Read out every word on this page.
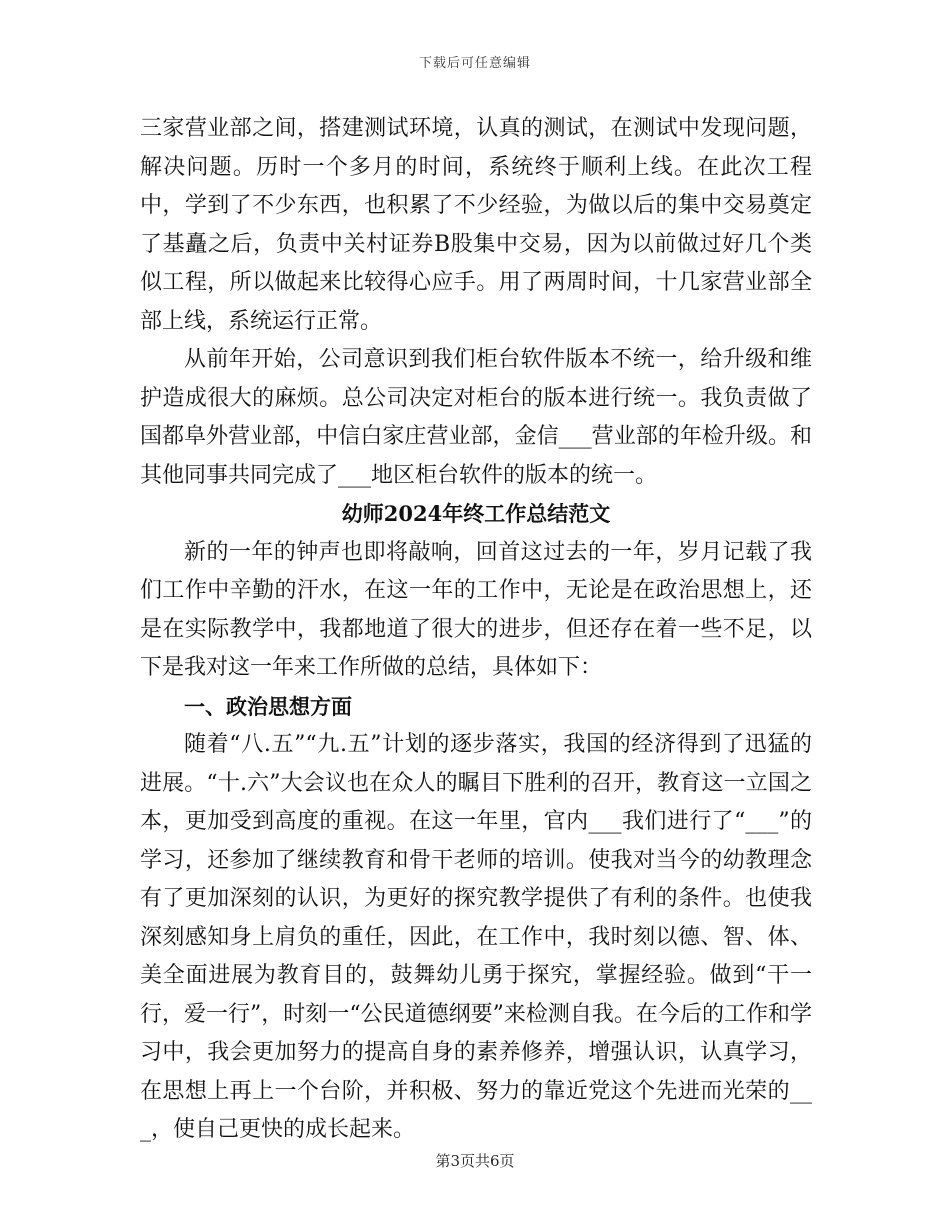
下载后可任意编辑

三家营业部之间，搭建测试环境，认真的测试，在测试中发现问题，解决问题。历时一个多月的时间，系统终于顺利上线。在此次工程中，学到了不少东西，也积累了不少经验，为做以后的集中交易奠定了基矗之后，负责中关村证券B股集中交易，因为以前做过好几个类似工程，所以做起来比较得心应手。用了两周时间，十几家营业部全部上线，系统运行正常。

从前年开始，公司意识到我们柜台软件版本不统一，给升级和维护造成很大的麻烦。总公司决定对柜台的版本进行统一。我负责做了国都阜外营业部，中信白家庄营业部，金信___营业部的年检升级。和其他同事共同完成了___地区柜台软件的版本的统一。

幼师2024年终工作总结范文

新的一年的钟声也即将敲响，回首这过去的一年，岁月记载了我们工作中辛勤的汗水，在这一年的工作中，无论是在政治思想上，还是在实际教学中，我都地道了很大的进步，但还存在着一些不足，以下是我对这一年来工作所做的总结，具体如下：

一、政治思想方面

随着“八.五”“九.五”计划的逐步落实，我国的经济得到了迅猛的进展。“十.六”大会议也在众人的瞩目下胜利的召开，教育这一立国之本，更加受到高度的重视。在这一年里，官内___我们进行了“___”的学习，还参加了继续教育和骨干老师的培训。使我对当今的幼教理念有了更加深刻的认识，为更好的探究教学提供了有利的条件。也使我深刻感知身上肩负的重任，因此，在工作中，我时刻以德、智、体、美全面进展为教育目的，鼓舞幼儿勇于探究，掌握经验。做到“干一行，爱一行”，时刻一“公民道德纲要”来检测自我。在今后的工作和学习中，我会更加努力的提高自身的素养修养，增强认识，认真学习，在思想上再上一个台阶，并积极、努力的靠近党这个先进而光荣的___，使自己更快的成长起来。

第3页共6页
